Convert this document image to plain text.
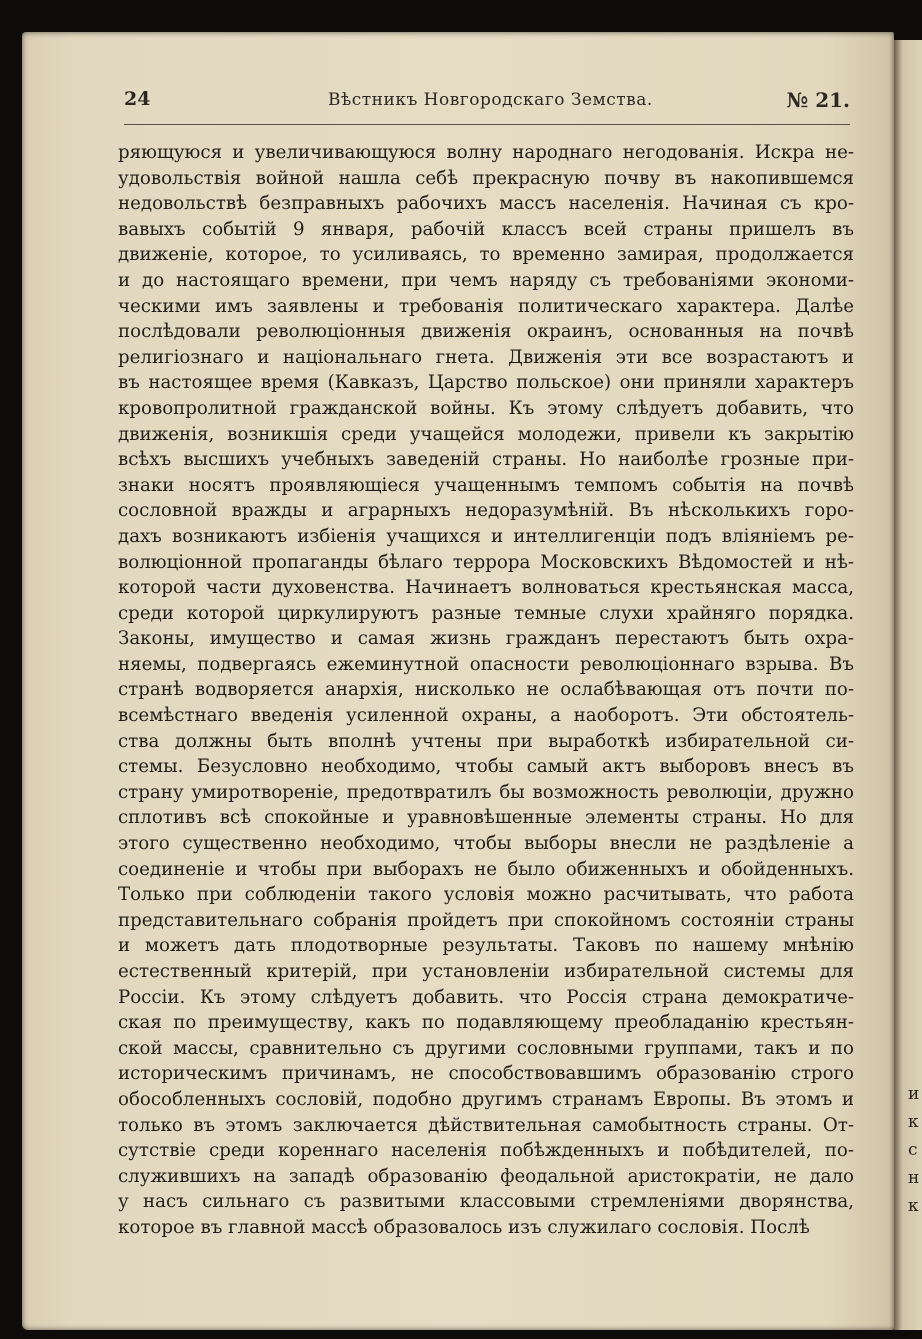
и
к
с
н
к
24	Вѣстникъ Новгородскаго Земства.	№ 21.
ряющуюся и увеличивающуюся волну народнаго негодованія. Искра не-
удовольствія войной нашла себѣ прекрасную почву въ накопившемся
недовольствѣ безправныхъ рабочихъ массъ населенія. Начиная съ кро-
вавыхъ событій 9 января, рабочій классъ всей страны пришелъ въ
движеніе, которое, то усиливаясь, то временно замирая, продолжается
и до настоящаго времени, при чемъ наряду съ требованіями экономи-
ческими имъ заявлены и требованія политическаго характера. Далѣе
послѣдовали революціонныя движенія окраинъ, основанныя на почвѣ
религіознаго и національнаго гнета. Движенія эти все возрастаютъ и
въ настоящее время (Кавказъ, Царство польское) они приняли характеръ
кровопролитной гражданской войны. Къ этому слѣдуетъ добавить, что
движенія, возникшія среди учащейся молодежи, привели къ закрытію
всѣхъ высшихъ учебныхъ заведеній страны. Но наиболѣе грозные при-
знаки носятъ проявляющіеся учащеннымъ темпомъ событія на почвѣ
сословной вражды и аграрныхъ недоразумѣній. Въ нѣсколькихъ горо-
дахъ возникаютъ избіенія учащихся и интеллигенціи подъ вліяніемъ ре-
волюціонной пропаганды бѣлаго террора Московскихъ Вѣдомостей и нѣ-
которой части духовенства. Начинаетъ волноваться крестьянская масса,
среди которой циркулируютъ разные темные слухи храйняго порядка.
Законы, имущество и самая жизнь гражданъ перестаютъ быть охра-
няемы, подвергаясь ежеминутной опасности революціоннаго взрыва. Въ
странѣ водворяется анархія, нисколько не ослабѣвающая отъ почти по-
всемѣстнаго введенія усиленной охраны, а наоборотъ. Эти обстоятель-
ства должны быть вполнѣ учтены при выработкѣ избирательной си-
стемы. Безусловно необходимо, чтобы самый актъ выборовъ внесъ въ
страну умиротвореніе, предотвратилъ бы возможность революціи, дружно
сплотивъ всѣ спокойные и уравновѣшенные элементы страны. Но для
этого существенно необходимо, чтобы выборы внесли не раздѣленіе а
соединеніе и чтобы при выборахъ не было обиженныхъ и обойденныхъ.
Только при соблюденіи такого условія можно расчитывать, что работа
представительнаго собранія пройдетъ при спокойномъ состояніи страны
и можетъ дать плодотворные результаты. Таковъ по нашему мнѣнію
естественный критерій, при установленіи избирательной системы для
Россіи. Къ этому слѣдуетъ добавить. что Россія страна демократиче-
ская по преимуществу, какъ по подавляющему преобладанію крестьян-
ской массы, сравнительно съ другими сословными группами, такъ и по
историческимъ причинамъ, не способствовавшимъ образованію строго
обособленныхъ сословій, подобно другимъ странамъ Европы. Въ этомъ и
только въ этомъ заключается дѣйствительная самобытность страны. От-
сутствіе среди кореннаго населенія побѣжденныхъ и побѣдителей, по-
служившихъ на западѣ образованію феодальной аристократіи, не дало
у насъ сильнаго съ развитыми классовыми стремленіями дворянства,
которое въ главной массѣ образовалось изъ служилаго сословія. Послѣ
